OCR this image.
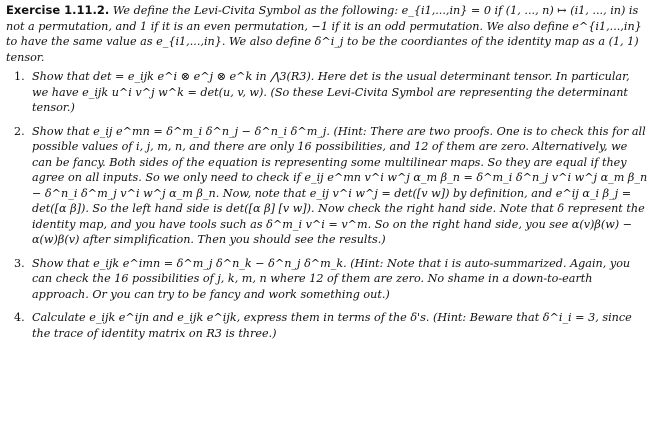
Exercise 1.11.2. We define the Levi-Civita Symbol as the following: e_{i1,...,in} = 0 if (1, ..., n) ↦ (i1, ..., in) is not a permutation, and 1 if it is an even permutation, −1 if it is an odd permutation. We also define e^{i1,...,in} to have the same value as e_{i1,...,in}. We also define δ^i_j to be the coordiantes of the identity map as a (1, 1) tensor.

1. Show that det = e_ijk e^i ⊗ e^j ⊗ e^k in ⋀3(R3). Here det is the usual determinant tensor. In particular, we have e_ijk u^i v^j w^k = det(u, v, w). (So these Levi-Civita Symbol are representing the determinant tensor.)

2. Show that e_ij e^mn = δ^m_i δ^n_j − δ^n_i δ^m_j. (Hint: There are two proofs. One is to check this for all possible values of i, j, m, n, and there are only 16 possibilities, and 12 of them are zero. Alternatively, we can be fancy. Both sides of the equation is representing some multilinear maps. So they are equal if they agree on all inputs. So we only need to check if e_ij e^mn v^i w^j α_m β_n = δ^m_i δ^n_j v^i w^j α_m β_n − δ^n_i δ^m_j v^i w^j α_m β_n. Now, note that e_ij v^i w^j = det([v w]) by definition, and e^ij α_i β_j = det([α β]). So the left hand side is det([α β] [v w]). Now check the right hand side. Note that δ represent the identity map, and you have tools such as δ^m_i v^i = v^m. So on the right hand side, you see α(v)β(w) − α(w)β(v) after simplification. Then you should see the results.)

3. Show that e_ijk e^imn = δ^m_j δ^n_k − δ^n_j δ^m_k. (Hint: Note that i is auto-summarized. Again, you can check the 16 possibilities of j, k, m, n where 12 of them are zero. No shame in a down-to-earth approach. Or you can try to be fancy and work something out.)

4. Calculate e_ijk e^ijn and e_ijk e^ijk, express them in terms of the δ's. (Hint: Beware that δ^i_i = 3, since the trace of identity matrix on R3 is three.)
